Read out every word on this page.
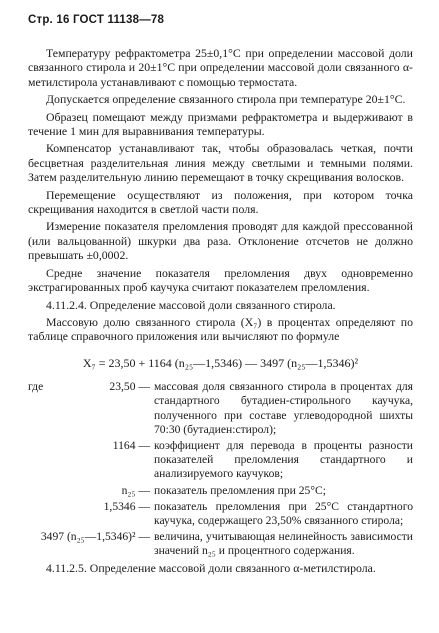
Стр. 16 ГОСТ 11138—78

Температуру рефрактометра 25±0,1°С при определении массовой доли связанного стирола и 20±1°С при определении массовой доли связанного α-метилстирола устанавливают с помощью термостата.

Допускается определение связанного стирола при температуре 20±1°С.

Образец помещают между призмами рефрактометра и выдерживают в течение 1 мин для выравнивания температуры.

Компенсатор устанавливают так, чтобы образовалась четкая, почти бесцветная разделительная линия между светлыми и темными полями. Затем разделительную линию перемещают в точку скрещивания волосков.

Перемещение осуществляют из положения, при котором точка скрещивания находится в светлой части поля.

Измерение показателя преломления проводят для каждой прессованной (или вальцованной) шкурки два раза. Отклонение отсчетов не должно превышать ±0,0002.

Средне значение показателя преломления двух одновременно экстрагированных проб каучука считают показателем преломления.

4.11.2.4. Определение массовой доли связанного стирола.

Массовую долю связанного стирола (X₇) в процентах определяют по таблице справочного приложения или вычисляют по формуле

X₇ = 23,50 + 1164 (n₂₅—1,5346) — 3497 (n₂₅—1,5346)²
где	23,50 —	массовая доля связанного стирола в процентах для стандартного бутадиен-стирольного каучука, полученного при составе углеводородной шихты 70:30 (бутадиен:стирол);
	1164 —	коэффициент для перевода в проценты разности показателей преломления стандартного и анализируемого каучуков;
	n₂₅ —	показатель преломления при 25°С;
	1,5346 —	показатель преломления при 25°С стандартного каучука, содержащего 23,50% связанного стирола;
3497 (n₂₅—1,5346)² —		величина, учитывающая нелинейность зависимости значений n₂₅ и процентного содержания.

4.11.2.5. Определение массовой доли связанного α-метилстирола.
